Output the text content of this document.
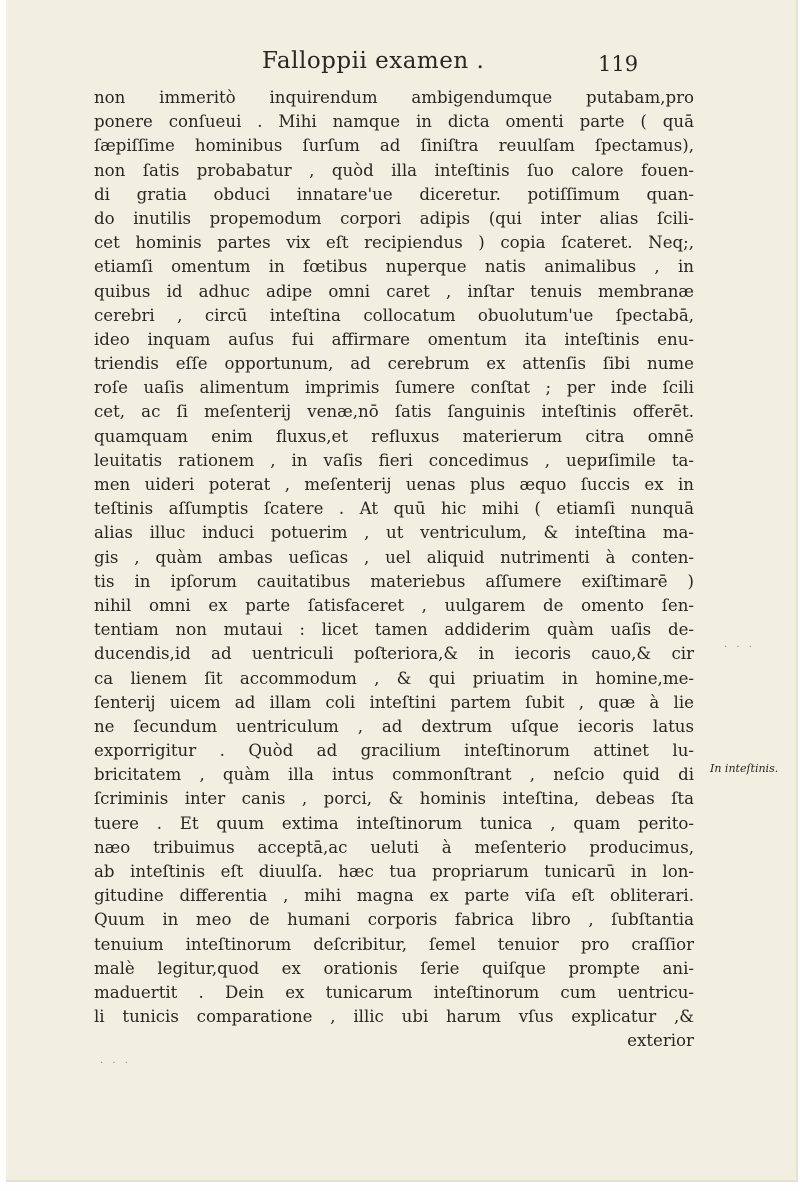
Falloppii examen .	119
non immeritò inquirendum ambigendumque putabam,pro
ponere conſueui . Mihi namque in dicta omenti parte ( quā
ſæpiſſime hominibus ſurſum ad ſiniſtra reuulſam ſpectamus),
non ſatis probabatur , quòd illa inteſtinis ſuo calore fouen-
di gratia obduci innatare'ue diceretur. potiſſimum quan-
do inutilis propemodum corpori adipis (qui inter alias ſcili-
cet hominis partes vix eſt recipiendus ) copia ſcateret. Neq;,
etiamſi omentum in fœtibus nuperque natis animalibus , in
quibus id adhuc adipe omni caret , inſtar tenuis membranæ
cerebri , circū inteſtina collocatum obuolutum'ue ſpectabā,
ideo inquam auſus fui affirmare omentum ita inteſtinis enu-
triendis eſſe opportunum, ad cerebrum ex attenſis ſibi nume
roſe uaſis alimentum imprimis ſumere conſtat ; per inde ſcili
cet, ac ſi meſenterij venæ,nō ſatis ſanguinis inteſtinis offerēt.
quamquam enim fluxus,et refluxus materierum citra omnē
leuitatis rationem , in vaſis fieri concedimus , uериſimile ta-
men uideri poterat , meſenterij uenas plus æquo ſuccis ex in
teſtinis aſſumptis ſcatere . At quū hic mihi ( etiamſi nunquā
alias illuc induci potuerim , ut ventriculum, & inteſtina ma-
gis , quàm ambas ueſicas , uel aliquid nutrimenti à conten-
tis in ipſorum cauitatibus materiebus aſſumere exiſtimarē )
nihil omni ex parte ſatisfaceret , uulgarem de omento ſen-
tentiam non mutaui : licet tamen addiderim quàm uaſis de-
ducendis,id ad uentriculi poſteriora,& in iecoris cauo,& cir
ca lienem ſit accommodum , & qui priuatim in homine,me-
ſenterij uicem ad illam coli inteſtini partem ſubit , quæ à lie
ne ſecundum uentriculum , ad dextrum uſque iecoris latus
exporrigitur . Quòd ad gracilium inteſtinorum attinet lu-
bricitatem , quàm illa intus commonſtrant , neſcio quid di
ſcriminis inter canis , porci, & hominis inteſtina, debeas ſta
tuere . Et quum extima inteſtinorum tunica , quam perito-
næo tribuimus acceptā,ac ueluti à meſenterio producimus,
ab inteſtinis eſt diuulſa. hæc tua propriarum tunicarū in lon-
gitudine differentia , mihi magna ex parte viſa eſt obliterari.
Quum in meo de humani corporis fabrica libro , ſubſtantia
tenuium inteſtinorum deſcribitur, ſemel tenuior pro craſſior
malè legitur,quod ex orationis ſerie quiſque prompte ani-
maduertit . Dein ex tunicarum inteſtinorum cum uentricu-
li tunicis comparatione , illic ubi harum vſus explicatur ,&
exterior
In inteſtinis.
· · ·
· · ·
